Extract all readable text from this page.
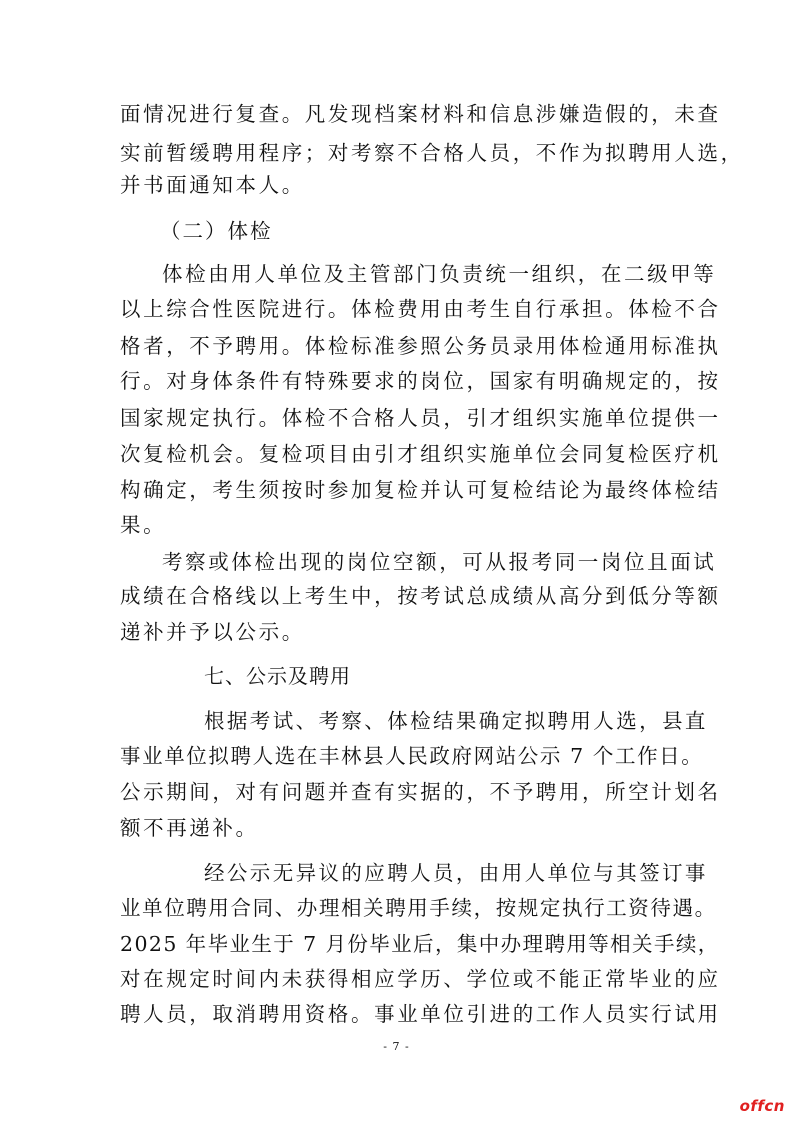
面情况进行复查。凡发现档案材料和信息涉嫌造假的，未查
实前暂缓聘用程序；对考察不合格人员，不作为拟聘用人选，
并书面通知本人。
（二）体检
体检由用人单位及主管部门负责统一组织，在二级甲等
以上综合性医院进行。体检费用由考生自行承担。体检不合
格者，不予聘用。体检标准参照公务员录用体检通用标准执
行。对身体条件有特殊要求的岗位，国家有明确规定的，按
国家规定执行。体检不合格人员，引才组织实施单位提供一
次复检机会。复检项目由引才组织实施单位会同复检医疗机
构确定，考生须按时参加复检并认可复检结论为最终体检结
果。
考察或体检出现的岗位空额，可从报考同一岗位且面试
成绩在合格线以上考生中，按考试总成绩从高分到低分等额
递补并予以公示。
七、公示及聘用
根据考试、考察、体检结果确定拟聘用人选，县直
事业单位拟聘人选在丰林县人民政府网站公示 7 个工作日。
公示期间，对有问题并查有实据的，不予聘用，所空计划名
额不再递补。
经公示无异议的应聘人员，由用人单位与其签订事
业单位聘用合同、办理相关聘用手续，按规定执行工资待遇。
2025 年毕业生于 7 月份毕业后，集中办理聘用等相关手续，
对在规定时间内未获得相应学历、学位或不能正常毕业的应
聘人员，取消聘用资格。事业单位引进的工作人员实行试用
- 7 -
offcn
